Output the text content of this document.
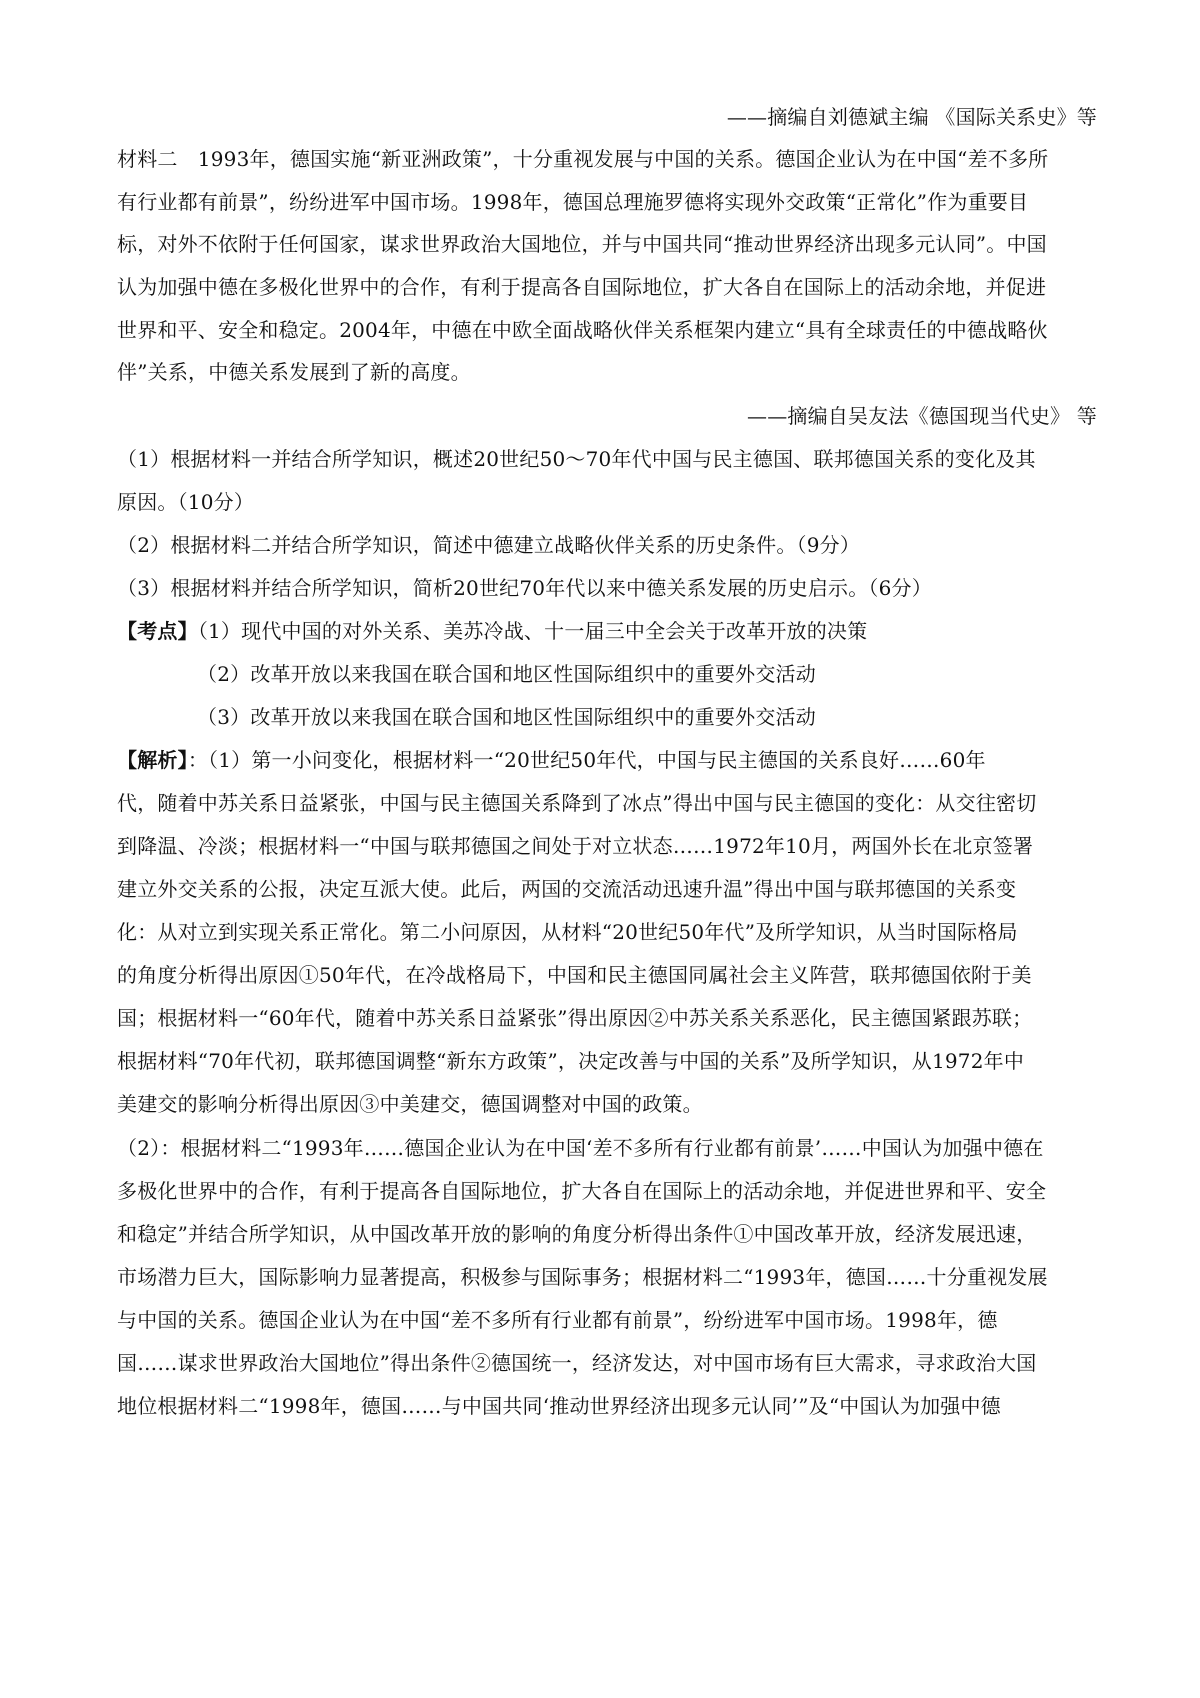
——摘编自刘德斌主编 《国际关系史》等
材料二　1993年，德国实施“新亚洲政策”，十分重视发展与中国的关系。德国企业认为在中国“差不多所
有行业都有前景”，纷纷进军中国市场。1998年，德国总理施罗德将实现外交政策“正常化”作为重要目
标，对外不依附于任何国家，谋求世界政治大国地位，并与中国共同“推动世界经济出现多元认同”。中国
认为加强中德在多极化世界中的合作，有利于提高各自国际地位，扩大各自在国际上的活动余地，并促进
世界和平、安全和稳定。2004年，中德在中欧全面战略伙伴关系框架内建立“具有全球责任的中德战略伙
伴”关系，中德关系发展到了新的高度。
——摘编自吴友法《德国现当代史》 等
（1）根据材料一并结合所学知识，概述20世纪50～70年代中国与民主德国、联邦德国关系的变化及其
原因。（10分）
（2）根据材料二并结合所学知识，简述中德建立战略伙伴关系的历史条件。（9分）
（3）根据材料并结合所学知识，简析20世纪70年代以来中德关系发展的历史启示。（6分）
【考点】（1）现代中国的对外关系、美苏冷战、十一届三中全会关于改革开放的决策
（2）改革开放以来我国在联合国和地区性国际组织中的重要外交活动
（3）改革开放以来我国在联合国和地区性国际组织中的重要外交活动
【解析】：（1）第一小问变化，根据材料一“20世纪50年代，中国与民主德国的关系良好……60年
代，随着中苏关系日益紧张，中国与民主德国关系降到了冰点”得出中国与民主德国的变化：从交往密切
到降温、冷淡；根据材料一“中国与联邦德国之间处于对立状态……1972年10月，两国外长在北京签署
建立外交关系的公报，决定互派大使。此后，两国的交流活动迅速升温”得出中国与联邦德国的关系变
化：从对立到实现关系正常化。第二小问原因，从材料“20世纪50年代”及所学知识，从当时国际格局
的角度分析得出原因①50年代，在冷战格局下，中国和民主德国同属社会主义阵营，联邦德国依附于美
国；根据材料一“60年代，随着中苏关系日益紧张”得出原因②中苏关系关系恶化，民主德国紧跟苏联；
根据材料“70年代初，联邦德国调整“新东方政策”，决定改善与中国的关系”及所学知识，从1972年中
美建交的影响分析得出原因③中美建交，德国调整对中国的政策。
（2）：根据材料二“1993年……德国企业认为在中国‘差不多所有行业都有前景’……中国认为加强中德在
多极化世界中的合作，有利于提高各自国际地位，扩大各自在国际上的活动余地，并促进世界和平、安全
和稳定”并结合所学知识，从中国改革开放的影响的角度分析得出条件①中国改革开放，经济发展迅速，
市场潜力巨大，国际影响力显著提高，积极参与国际事务；根据材料二“1993年，德国……十分重视发展
与中国的关系。德国企业认为在中国“差不多所有行业都有前景”，纷纷进军中国市场。1998年，德
国……谋求世界政治大国地位”得出条件②德国统一，经济发达，对中国市场有巨大需求，寻求政治大国
地位根据材料二“1998年，德国……与中国共同‘推动世界经济出现多元认同’”及“中国认为加强中德
